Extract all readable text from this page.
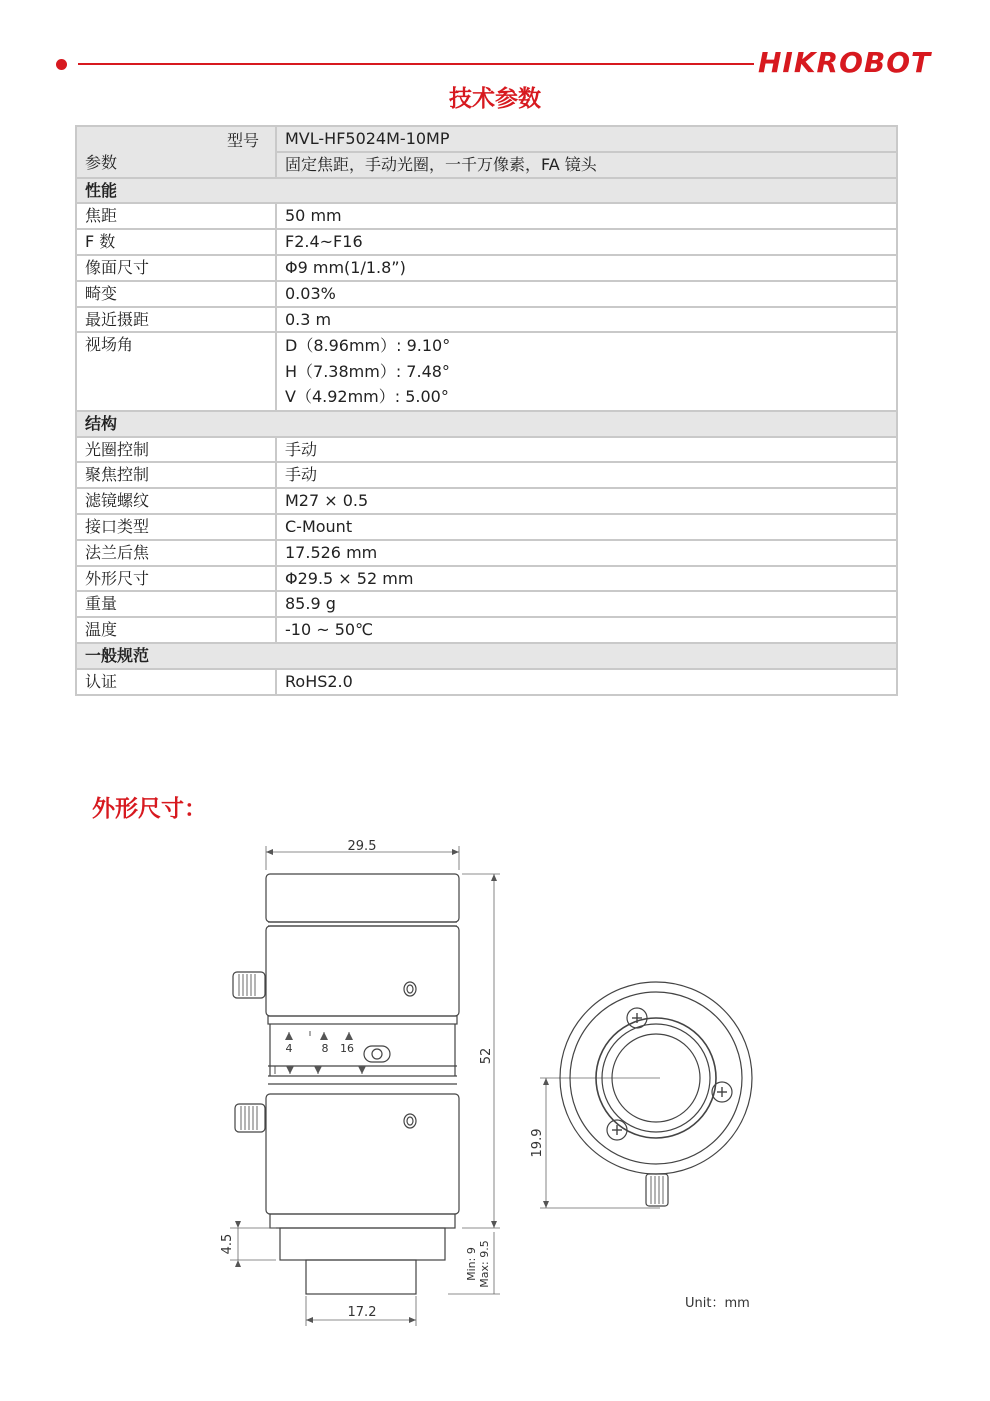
HIKROBOT
技术参数
型号
参数	MVL-HF5024M-10MP
	固定焦距，手动光圈，一千万像素，FA 镜头
性能	
焦距	50 mm
F 数	F2.4~F16
像面尺寸	Φ9 mm(1/1.8”)
畸变	0.03%
最近摄距	0.3 m
视场角	D（8.96mm）: 9.10°
H（7.38mm）: 7.48°
V（4.92mm）: 5.00°

结构	
光圈控制	手动
聚焦控制	手动
滤镜螺纹	M27 × 0.5
接口类型	C-Mount
法兰后焦	17.526 mm
外形尺寸	Φ29.5 × 52 mm
重量	85.9 g
温度	-10 ~ 50℃
一般规范	
认证	RoHS2.0
外形尺寸：
29.5
52
4.5
17.2
19.9
Min: 9 Max: 9.5
4	8 16
Unit：mm
